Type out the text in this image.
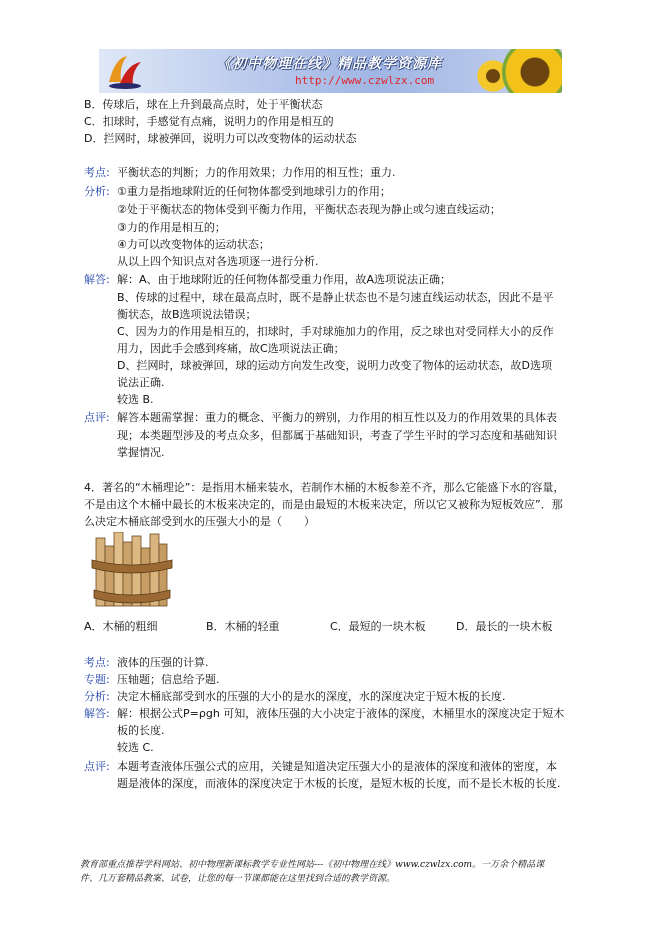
《初中物理在线》精品教学资源库
http://www.czwlzx.com
B．传球后，球在上升到最高点时，处于平衡状态
C．扣球时，手感觉有点痛，说明力的作用是相互的
D．拦网时，球被弹回，说明力可以改变物体的运动状态
考点: 平衡状态的判断；力的作用效果；力作用的相互性；重力.
分析: ①重力是指地球附近的任何物体都受到地球引力的作用；
②处于平衡状态的物体受到平衡力作用，平衡状态表现为静止或匀速直线运动；
③力的作用是相互的；
④力可以改变物体的运动状态；
从以上四个知识点对各选项逐一进行分析.
解答: 解：A、由于地球附近的任何物体都受重力作用，故A选项说法正确；
B、传球的过程中，球在最高点时，既不是静止状态也不是匀速直线运动状态，因此不是平
衡状态，故B选项说法错误；
C、因为力的作用是相互的，扣球时，手对球施加力的作用，反之球也对受同样大小的反作
用力，因此手会感到疼痛，故C选项说法正确；
D、拦网时，球被弹回，球的运动方向发生改变，说明力改变了物体的运动状态，故D选项
说法正确.
较选 B.
点评: 解答本题需掌握：重力的概念、平衡力的辨别，力作用的相互性以及力的作用效果的具体表
现；本类题型涉及的考点众多，但都属于基础知识，考查了学生平时的学习态度和基础知识
掌握情况.
4．著名的“木桶理论”：是指用木桶来装水，若制作木桶的木板参差不齐，那么它能盛下水的容量，
不是由这个木桶中最长的木板来决定的，而是由最短的木板来决定，所以它又被称为短板效应”．那
么决定木桶底部受到水的压强大小的是（　　）
A．木桶的粗细	B．木桶的轻重	C．最短的一块木板	D．最长的一块木板
考点: 液体的压强的计算.
专题: 压轴题；信息给予题.
分析: 决定木桶底部受到水的压强的大小的是水的深度，水的深度决定于短木板的长度.
解答: 解：根据公式P=ρgh 可知，液体压强的大小决定于液体的深度，木桶里水的深度决定于短木
板的长度.
较选 C.
点评: 本题考查液体压强公式的应用，关键是知道决定压强大小的是液体的深度和液体的密度，本
题是液体的深度，而液体的深度决定于木板的长度，是短木板的长度，而不是长木板的长度.
教育部重点推荐学科网站、初中物理新课标教学专业性网站---《初中物理在线》www.czwlzx.com。一万余个精品课
件、几万套精品教案、试卷，让您的每一节课都能在这里找到合适的教学资源。
